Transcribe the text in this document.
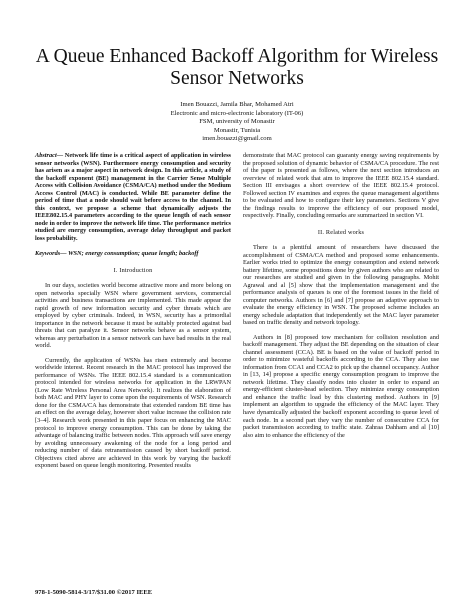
A Queue Enhanced Backoff Algorithm for Wireless
Sensor Networks
Imen Bouazzi, Jamila Bhar, Mohamed Atri
Electronic and micro-electronic laboratory (IT-06)
FSM, university of Monastir
Monastir, Tunisia
imen.bouazzi@gmail.com

Abstract— Network life time is a critical aspect of application in wireless sensor networks (WSN). Furthermore energy consumption and security has arisen as a major aspect in network design. In this article, a study of the backoff exponent (BE) management in the Carrier Sense Multiple Access with Collision Avoidance (CSMA/CA) method under the Medium Access Control (MAC) is conducted. While BE parameter define the period of time that a node should wait before access to the channel. In this context, we propose a scheme that dynamically adjusts the IEEE802.15.4 parameters according to the queue length of each sensor node in order to improve the network life time. The performance metrics studied are energy consumption, average delay throughput and packet loss probability.

Keywords— WSN; energy consumption; queue length; backoff

I. Introduction

In our days, societies world become attractive more and more belong on open networks specially WSN where government services, commercial activities and business transactions are implemented. This made appear the rapid growth of new information security and cyber threats which are employed by cyber criminals. Indeed, in WSN, security has a primordial importance in the network because it must be suitably protected against bad threats that can paralyze it. Sensor networks behave as a sensor system, whereas any perturbation in a sensor network can have bad results in the real world.

Currently, the application of WSNs has risen extremely and become worldwide interest. Recent research in the MAC protocol has improved the performance of WSNs. The IEEE 802.15.4 standard is a communication protocol intended for wireless networks for application in the LRWPAN (Low Rate Wireless Personal Area Network). It realizes the elaboration of both MAC and PHY layer to come upon the requirements of WSN. Research done for the CSMA/CA has demonstrate that extended random BE time has an effect on the average delay, however short value increase the collision rate [3–4]. Research work presented in this paper focus on enhancing the MAC protocol to improve energy consumption. This can be done by taking the advantage of balancing traffic between nodes. This approach will save energy by avoiding unnecessary awakening of the node for a long period and reducing number of data retransmission caused by short backoff period. Objectives cited above are achieved in this work by varying the backoff exponent based on queue length monitoring. Presented results

demonstrate that MAC protocol can guaranty energy saving requirements by the proposed solution of dynamic behavior of CSMA/CA procedure. The rest of the paper is presented as follows, where the next section introduces an overview of related work that aim to improve the IEEE 802.15.4 standard. Section III envisages a short overview of the IEEE 802.15.4 protocol. Followed section IV examines and expres the queue management algorithms to be evaluated and how to configure their key parameters. Sections V give the findings results to improve the efficiency of our proposed model, respectively. Finally, concluding remarks are summarized in section VI.

II. Related works

There is a plentiful amount of researchers have discussed the accomplishment of CSMA/CA method and proposed some enhancements. Earlier works tried to optimize the energy consumption and extend network battery lifetime, some propositions done by given authors who are related to our researches are studied and given in the following paragraphs. Mohit Agrawal and al [5] show that the implementation management and the performance analysis of queues is one of the foremost issues in the field of computer networks. Authors in [6] and [7] propose an adaptive approach to evaluate the energy efficiency in WSN. The proposed scheme includes an energy schedule adaptation that independently set the MAC layer parameter based on traffic density and network topology.

Authors in [8] proposed tow mechanism for collision resolution and backoff management. They adjust the BE depending on the situation of clear channel assessment (CCA). BE is based on the value of backoff period in order to minimize wasteful backoffs according to the CCA. They also use information from CCA1 and CCA2 to pick up the channel occupancy. Author in [13, 14] propose a specific energy consumption program to improve the network lifetime. They classify nodes into cluster in order to expand an energy-efficient cluster-head selection. They minimize energy consumption and enhance the traffic load by this clustering method. Authors in [9] implement an algorithm to upgrade the efficiency of the MAC layer. They have dynamically adjusted the backoff exponent according to queue level of each node. In a second part they vary the number of consecutive CCA for packet transmission according to traffic state. Zahraa Dahham and al [10] also aim to enhance the efficiency of the

978-1-5090-5814-3/17/$31.00 ©2017 IEEE
